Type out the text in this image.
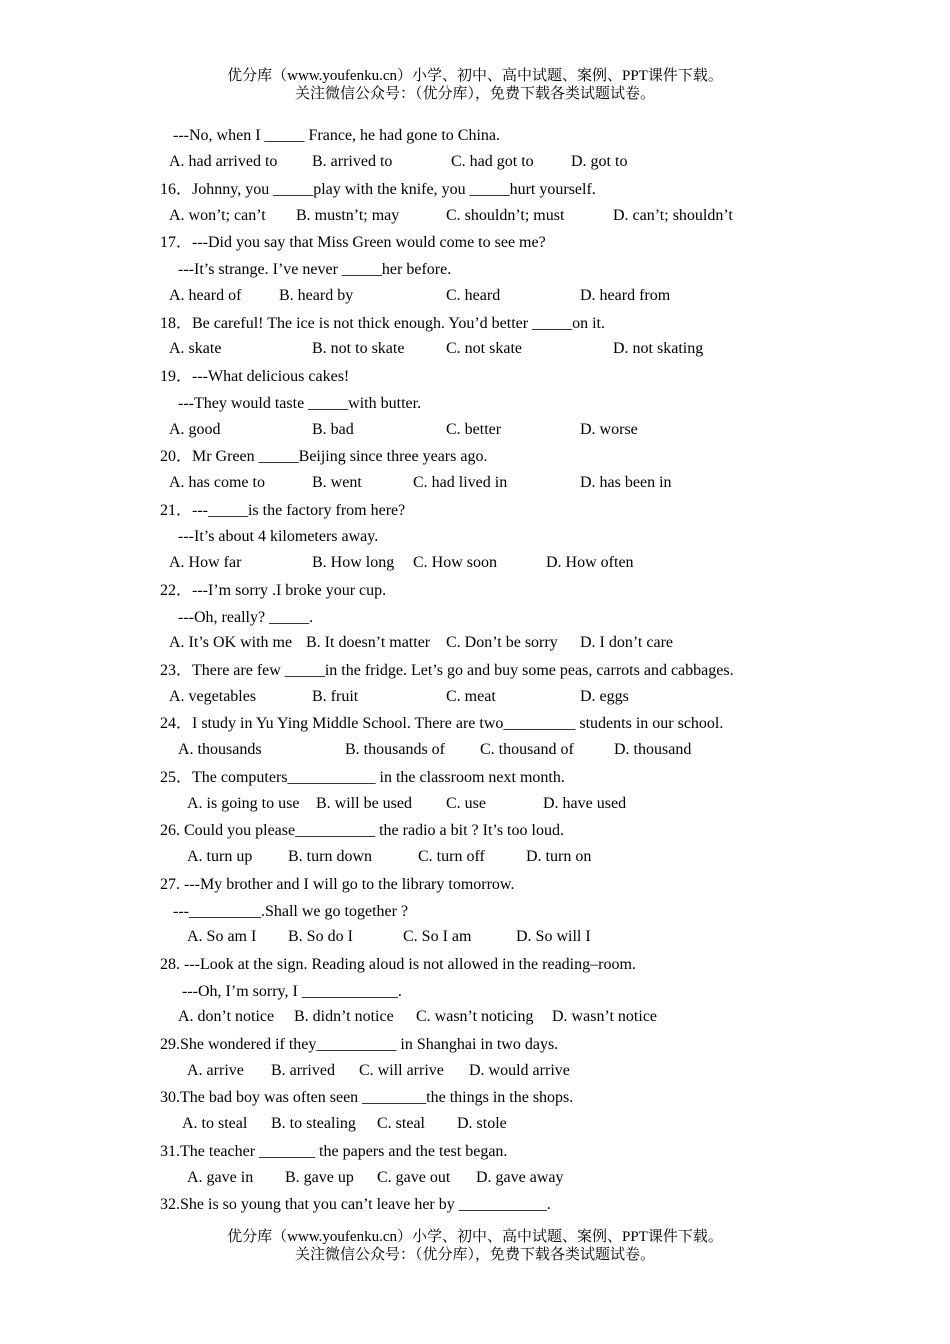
优分库（www.youfenku.cn）小学、初中、高中试题、案例、PPT课件下载。
关注微信公众号：（优分库），免费下载各类试题试卷。
---No, when I _____ France, he had gone to China.
A. had arrived to B. arrived to	C. had got to D. got to
16．Johnny, you _____play with the knife, you _____hurt yourself.
A. won’t; can’t B. mustn’t; may	C. shouldn’t; must	D. can’t; shouldn’t
17．---Did you say that Miss Green would come to see me?
---It’s strange. I’ve never _____her before.
A. heard of B. heard by	C. heard	D. heard from
18．Be careful! The ice is not thick enough. You’d better _____on it.
A. skate	B. not to skate	C. not skate	D. not skating
19．---What delicious cakes!
---They would taste _____with butter.
A. good	B. bad	C. better	D. worse
20．Mr Green _____Beijing since three years ago.
A. has come to	B. went	C. had lived in	D. has been in
21．---_____is the factory from here?
---It’s about 4 kilometers away.
A. How far	B. How long C. How soon	D. How often
22．---I’m sorry .I broke your cup.
---Oh, really? _____.
A. It’s OK with me B. It doesn’t matter C. Don’t be sorry D. I don’t care
23．There are few _____in the fridge. Let’s go and buy some peas, carrots and cabbages.
A. vegetables	B. fruit	C. meat	D. eggs
24．I study in Yu Ying Middle School. There are two_________ students in our school.
A. thousands	B. thousands of C. thousand of	D. thousand
25．The computers___________ in the classroom next month.
A. is going to use B. will be used C. use	D. have used
26. Could you please__________ the radio a bit ? It’s too loud.
A. turn up B. turn down	C. turn off	D. turn on
27. ---My brother and I will go to the library tomorrow.
---_________.Shall we go together ?
A. So am I B. So do I	C. So I am	D. So will I
28. ---Look at the sign. Reading aloud is not allowed in the reading–room.
---Oh, I’m sorry, I ____________.
A. don’t notice B. didn’t notice C. wasn’t noticing D. wasn’t notice
29.She wondered if they__________ in Shanghai in two days.
A. arrive B. arrived C. will arrive D. would arrive
30.The bad boy was often seen ________the things in the shops.
A. to steal B. to stealing C. steal D. stole
31.The teacher _______ the papers and the test began.
A. gave in B. gave up C. gave out D. gave away
32.She is so young that you can’t leave her by ___________.
优分库（www.youfenku.cn）小学、初中、高中试题、案例、PPT课件下载。
关注微信公众号：（优分库），免费下载各类试题试卷。
